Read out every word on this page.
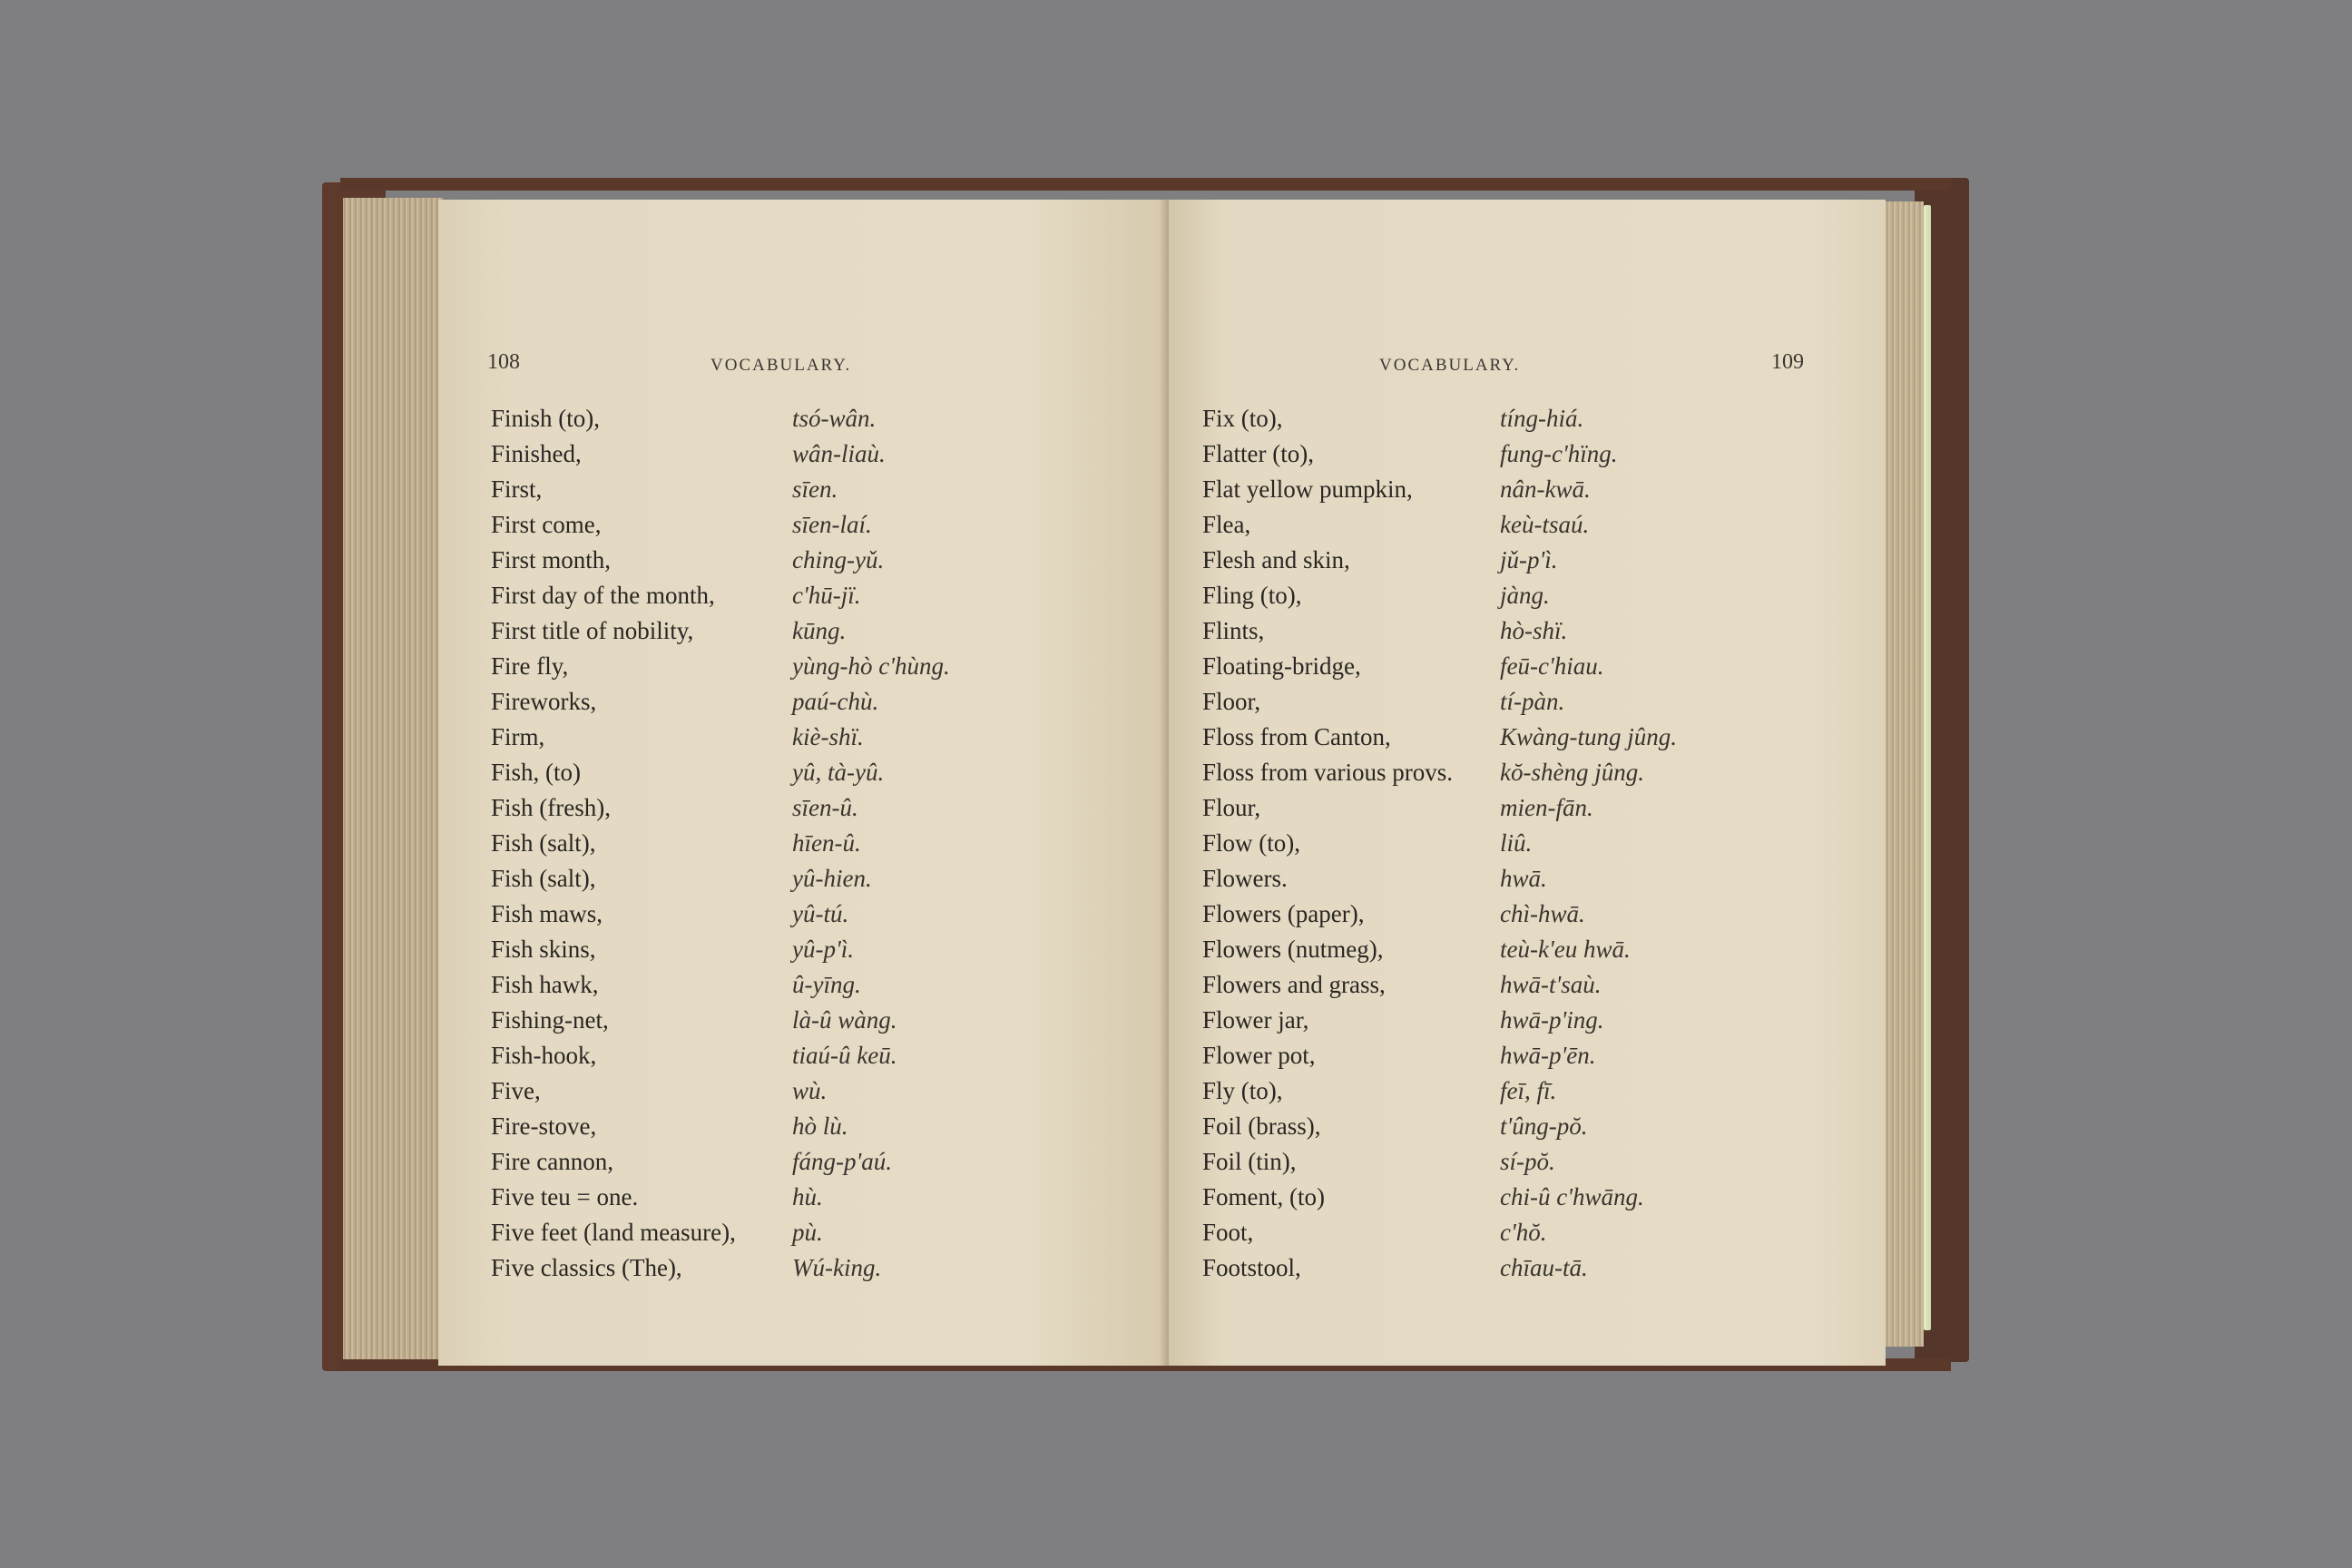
108	VOCABULARY.
Finish (to),	tsó-wân.
Finished,	wân-liaù.
First,	sīen.
First come,	sīen-laí.
First month,	ching-yǔ.
First day of the month,	c'hū-jï.
First title of nobility,	kūng.
Fire fly,	yùng-hò c'hùng.
Fireworks,	paú-chù.
Firm,	kiè-shï.
Fish, (to)	yû, tà-yû.
Fish (fresh),	sīen-û.
Fish (salt),	hīen-û.
Fish (salt),	yû-hien.
Fish maws,	yû-tú.
Fish skins,	yû-p'ì.
Fish hawk,	û-yīng.
Fishing-net,	là-û wàng.
Fish-hook,	tiaú-û keū.
Five,	wù.
Fire-stove,	hò lù.
Fire cannon,	fáng-p'aú.
Five teu = one.	hù.
Five feet (land measure), pù.
Five classics (The),	Wú-king.
VOCABULARY.	109
Fix (to),	tíng-hiá.
Flatter (to),	fung-c'hïng.
Flat yellow pumpkin,	nân-kwā.
Flea,	keù-tsaú.
Flesh and skin,	jǔ-p'ì.
Fling (to),	jàng.
Flints,	hò-shï.
Floating-bridge,	feū-c'hiau.
Floor,	tí-pàn.
Floss from Canton,	Kwàng-tung jûng.
Floss from various provs. kŏ-shèng jûng.
Flour,	mien-fān.
Flow (to),	liû.
Flowers.	hwā.
Flowers (paper),	chì-hwā.
Flowers (nutmeg),	teù-k'eu hwā.
Flowers and grass,	hwā-t'saù.
Flower jar,	hwā-p'ing.
Flower pot,	hwā-p'ēn.
Fly (to),	feī, fī.
Foil (brass),	t'ûng-pŏ.
Foil (tin),	sí-pŏ.
Foment, (to)	chi-û c'hwāng.
Foot,	c'hŏ.
Footstool,	chīau-tā.
